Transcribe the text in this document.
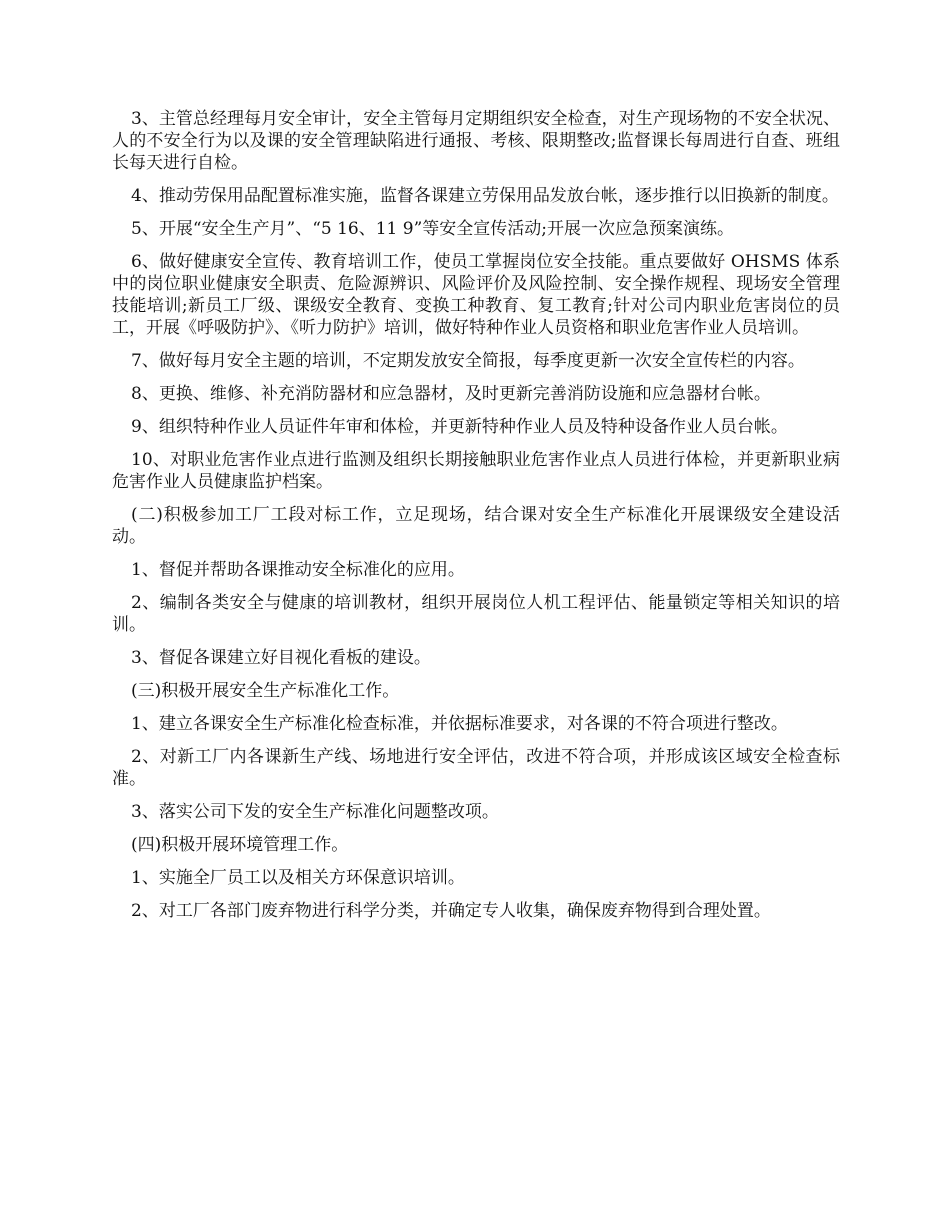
3、主管总经理每月安全审计，安全主管每月定期组织安全检查，对生产现场物的不安全状况、人的不安全行为以及课的安全管理缺陷进行通报、考核、限期整改;监督课长每周进行自查、班组长每天进行自检。

4、推动劳保用品配置标准实施，监督各课建立劳保用品发放台帐，逐步推行以旧换新的制度。

5、开展“安全生产月”、“5 16、11 9”等安全宣传活动;开展一次应急预案演练。

6、做好健康安全宣传、教育培训工作，使员工掌握岗位安全技能。重点要做好 OHSMS 体系中的岗位职业健康安全职责、危险源辨识、风险评价及风险控制、安全操作规程、现场安全管理技能培训;新员工厂级、课级安全教育、变换工种教育、复工教育;针对公司内职业危害岗位的员工，开展《呼吸防护》、《听力防护》培训，做好特种作业人员资格和职业危害作业人员培训。

7、做好每月安全主题的培训，不定期发放安全简报，每季度更新一次安全宣传栏的内容。

8、更换、维修、补充消防器材和应急器材，及时更新完善消防设施和应急器材台帐。

9、组织特种作业人员证件年审和体检，并更新特种作业人员及特种设备作业人员台帐。

10、对职业危害作业点进行监测及组织长期接触职业危害作业点人员进行体检，并更新职业病危害作业人员健康监护档案。

(二)积极参加工厂工段对标工作，立足现场，结合课对安全生产标准化开展课级安全建设活动。

1、督促并帮助各课推动安全标准化的应用。

2、编制各类安全与健康的培训教材，组织开展岗位人机工程评估、能量锁定等相关知识的培训。

3、督促各课建立好目视化看板的建设。

(三)积极开展安全生产标准化工作。

1、建立各课安全生产标准化检查标准，并依据标准要求，对各课的不符合项进行整改。

2、对新工厂内各课新生产线、场地进行安全评估，改进不符合项，并形成该区域安全检查标准。

3、落实公司下发的安全生产标准化问题整改项。

(四)积极开展环境管理工作。

1、实施全厂员工以及相关方环保意识培训。

2、对工厂各部门废弃物进行科学分类，并确定专人收集，确保废弃物得到合理处置。
